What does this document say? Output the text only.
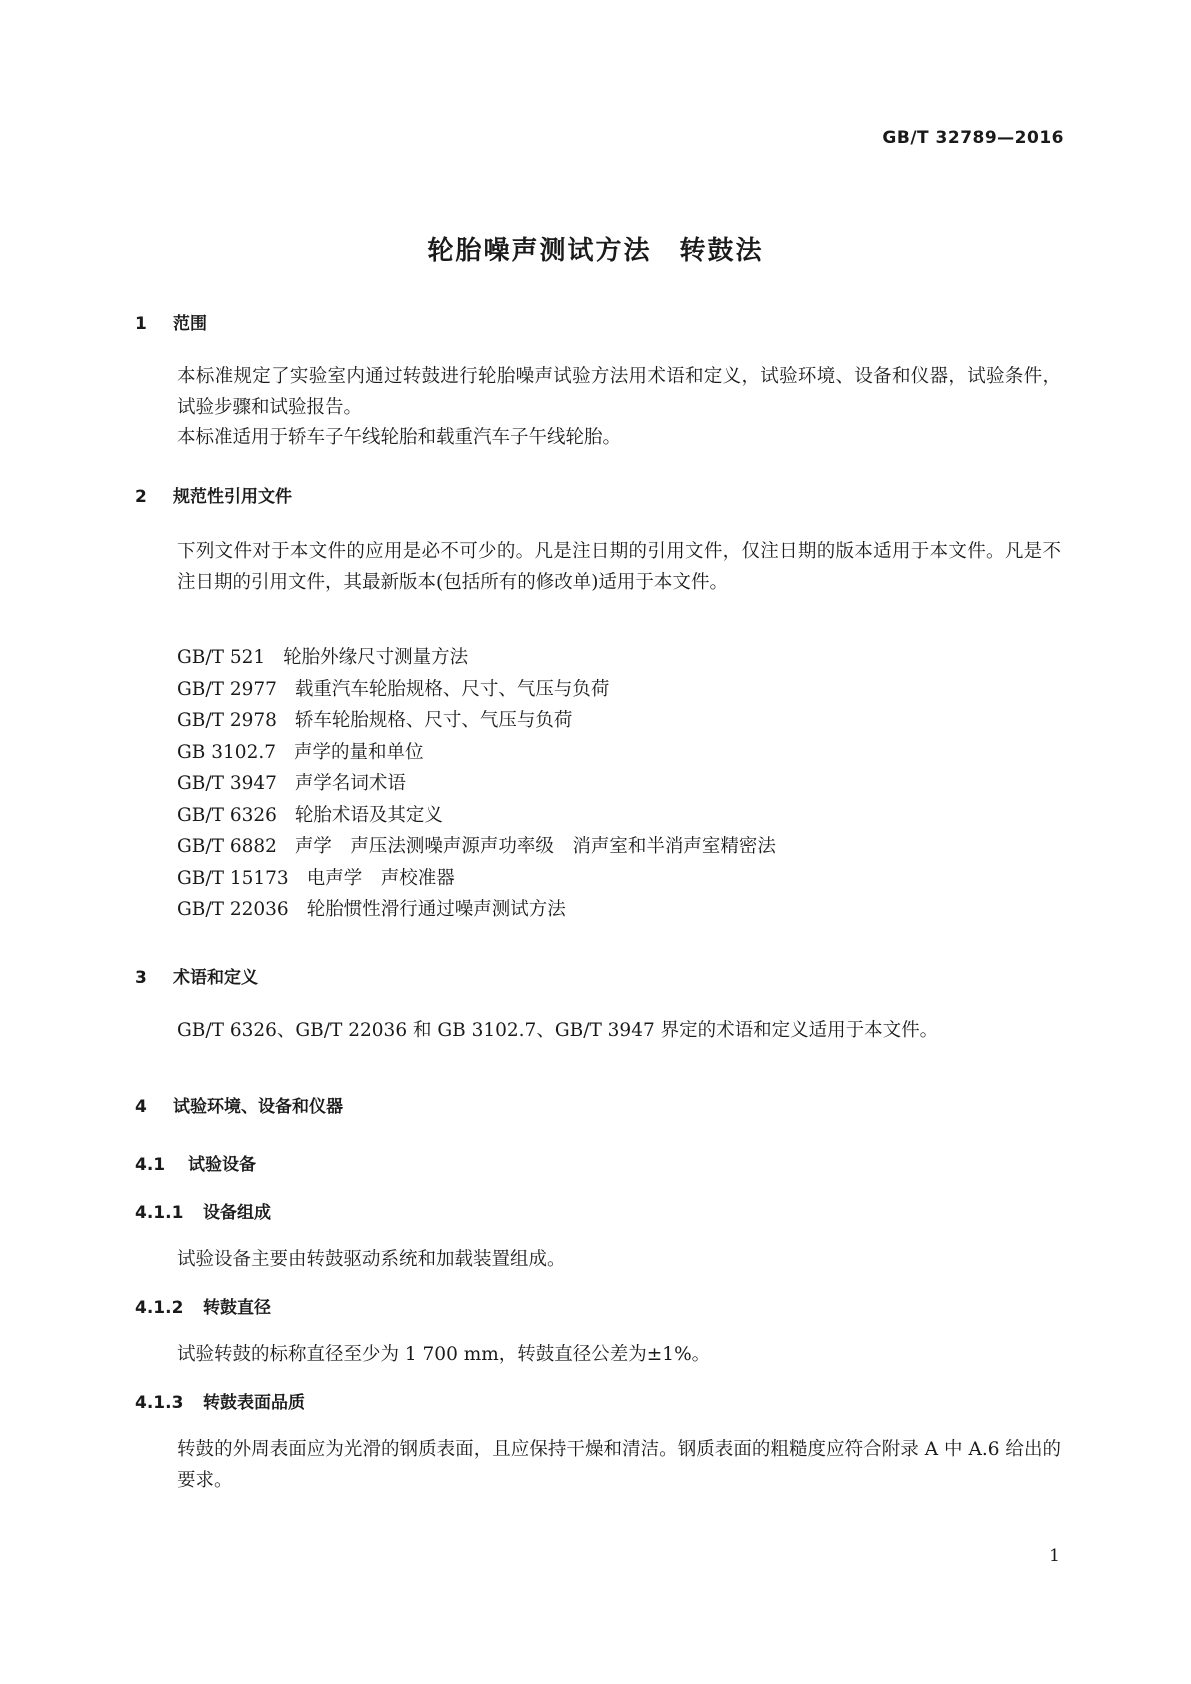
GB/T 32789—2016
轮胎噪声测试方法　转鼓法
1 范围
本标准规定了实验室内通过转鼓进行轮胎噪声试验方法用术语和定义，试验环境、设备和仪器，试验条件，试验步骤和试验报告。
本标准适用于轿车子午线轮胎和载重汽车子午线轮胎。
2 规范性引用文件
下列文件对于本文件的应用是必不可少的。凡是注日期的引用文件，仅注日期的版本适用于本文件。凡是不注日期的引用文件，其最新版本(包括所有的修改单)适用于本文件。
GB/T 521 轮胎外缘尺寸测量方法
GB/T 2977 载重汽车轮胎规格、尺寸、气压与负荷
GB/T 2978 轿车轮胎规格、尺寸、气压与负荷
GB 3102.7 声学的量和单位
GB/T 3947 声学名词术语
GB/T 6326 轮胎术语及其定义
GB/T 6882 声学　声压法测噪声源声功率级　消声室和半消声室精密法
GB/T 15173 电声学　声校准器
GB/T 22036 轮胎惯性滑行通过噪声测试方法
3 术语和定义
GB/T 6326、GB/T 22036 和 GB 3102.7、GB/T 3947 界定的术语和定义适用于本文件。
4 试验环境、设备和仪器
4.1 试验设备
4.1.1 设备组成
试验设备主要由转鼓驱动系统和加载装置组成。
4.1.2 转鼓直径
试验转鼓的标称直径至少为 1 700 mm，转鼓直径公差为±1%。
4.1.3 转鼓表面品质
转鼓的外周表面应为光滑的钢质表面，且应保持干燥和清洁。钢质表面的粗糙度应符合附录 A 中 A.6 给出的要求。
1
